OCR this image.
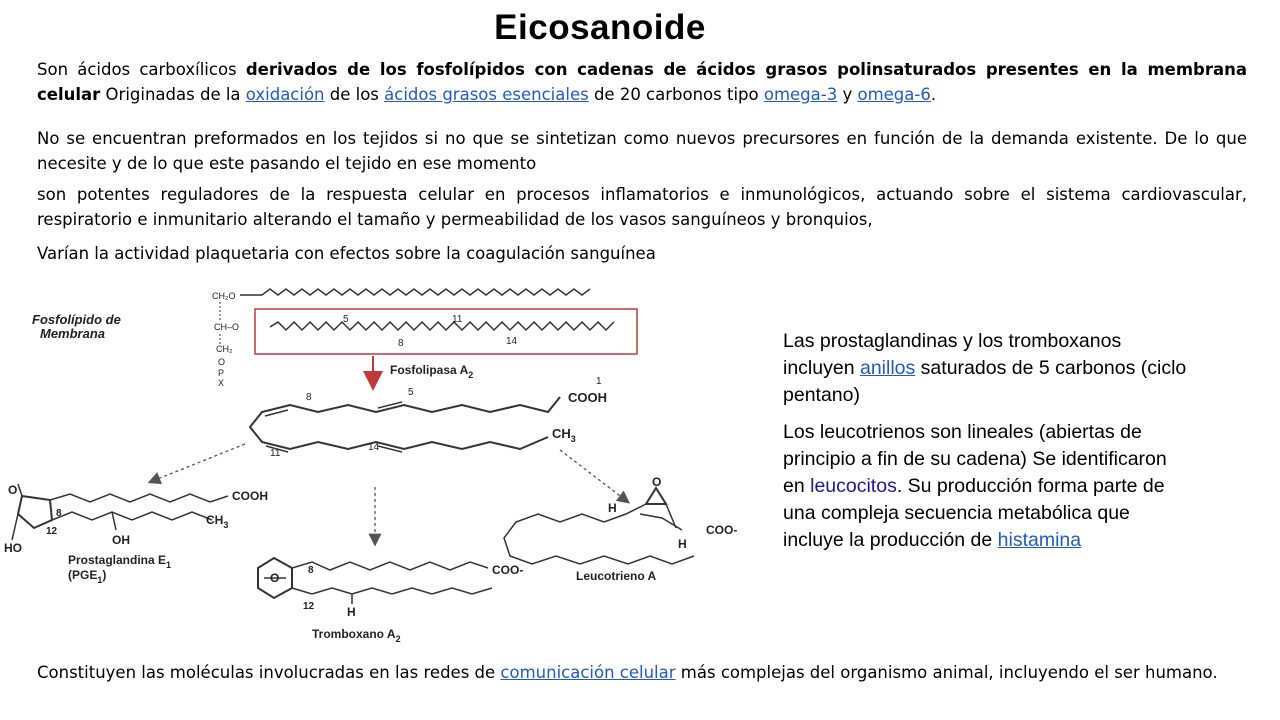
Eicosanoide
Son ácidos carboxílicos derivados de los fosfolípidos con cadenas de ácidos grasos polinsaturados presentes en la membrana celular Originadas de la oxidación de los ácidos grasos esenciales de 20 carbonos tipo omega-3 y omega-6.
No se encuentran preformados en los tejidos si no que se sintetizan como nuevos precursores en función de la demanda existente. De lo que necesite y de lo que este pasando el tejido en ese momento
son potentes reguladores de la respuesta celular en procesos inflamatorios e inmunológicos, actuando sobre el sistema cardiovascular, respiratorio e inmunitario alterando el tamaño y permeabilidad de los vasos sanguíneos y bronquios,
Varían la actividad plaquetaria con efectos sobre la coagulación sanguínea
Fosfolípido de
Membrana
CH₂O
CH–O
CH₂
O
P
X
5
8
11
14
Fosfolipasa $A_2$
8	5
1
COOH
$CH_3$
11
14
O	COOH
$CH_3$
8
12
HO
OH
Prostaglandina $E_1$
$(PGE_1)$	O
8
12
COO-
H
Tromboxano $A_2$
H
O
COO-
H
Leucotrieno A

Las prostaglandinas y los tromboxanos incluyen anillos saturados de 5 carbonos (ciclo pentano)

Los leucotrienos son lineales (abiertas de principio a fin de su cadena) Se identificaron en leucocitos. Su producción forma parte de una compleja secuencia metabólica que incluye la producción de histamina

Constituyen las moléculas involucradas en las redes de comunicación celular más complejas del organismo animal, incluyendo el ser humano.
